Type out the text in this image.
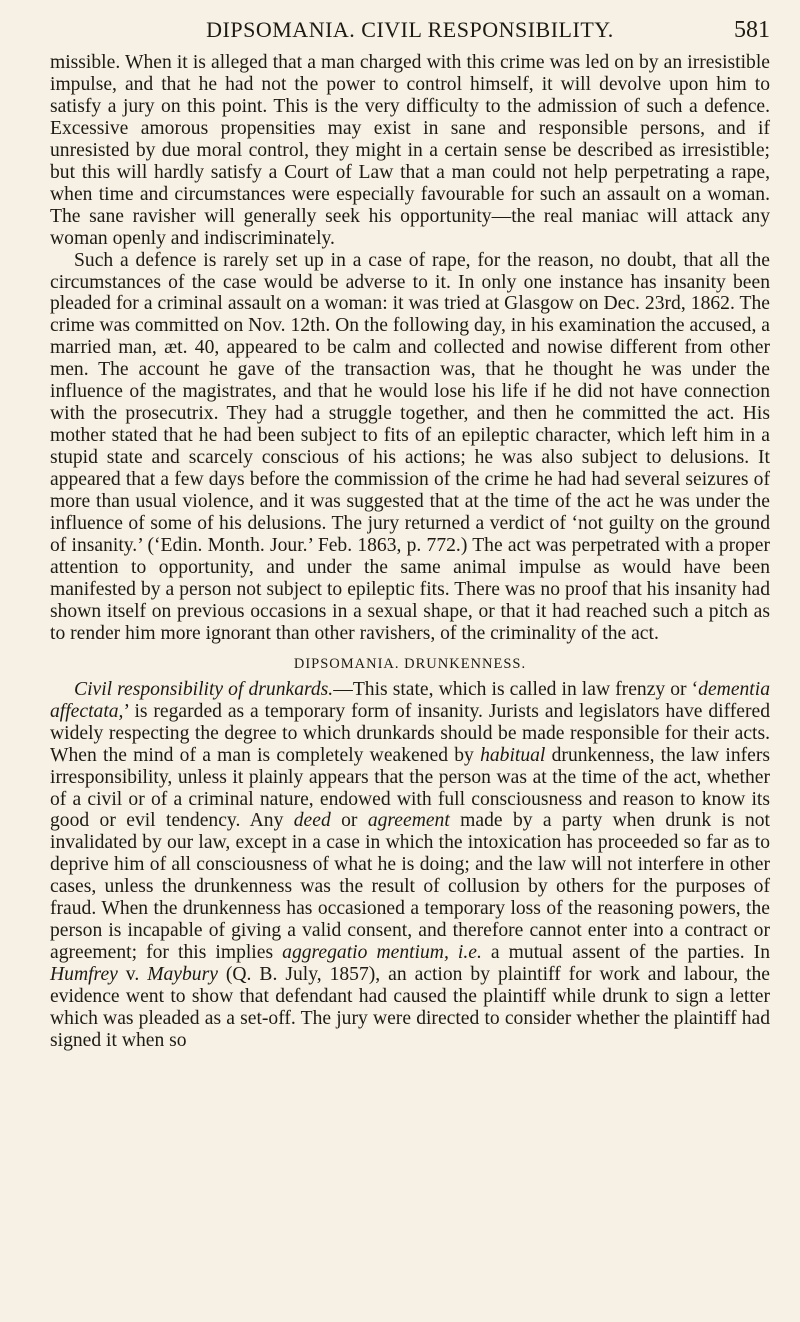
DIPSOMANIA. CIVIL RESPONSIBILITY.	581

missible. When it is alleged that a man charged with this crime was led on by an irresistible impulse, and that he had not the power to control himself, it will devolve upon him to satisfy a jury on this point. This is the very difficulty to the admission of such a defence. Excessive amorous propensities may exist in sane and responsible persons, and if unresisted by due moral control, they might in a certain sense be described as irresistible; but this will hardly satisfy a Court of Law that a man could not help perpetrating a rape, when time and circumstances were especially favourable for such an assault on a woman. The sane ravisher will generally seek his opportunity—the real maniac will attack any woman openly and indiscriminately.

Such a defence is rarely set up in a case of rape, for the reason, no doubt, that all the circumstances of the case would be adverse to it. In only one instance has insanity been pleaded for a criminal assault on a woman: it was tried at Glasgow on Dec. 23rd, 1862. The crime was committed on Nov. 12th. On the following day, in his examination the accused, a married man, æt. 40, appeared to be calm and collected and nowise different from other men. The account he gave of the transaction was, that he thought he was under the influence of the magistrates, and that he would lose his life if he did not have connection with the prosecutrix. They had a struggle together, and then he committed the act. His mother stated that he had been subject to fits of an epileptic character, which left him in a stupid state and scarcely conscious of his actions; he was also subject to delusions. It appeared that a few days before the commission of the crime he had had several seizures of more than usual violence, and it was suggested that at the time of the act he was under the influence of some of his delusions. The jury returned a verdict of ‘not guilty on the ground of insanity.’ (‘Edin. Month. Jour.’ Feb. 1863, p. 772.) The act was perpetrated with a proper attention to opportunity, and under the same animal impulse as would have been manifested by a person not subject to epileptic fits. There was no proof that his insanity had shown itself on previous occasions in a sexual shape, or that it had reached such a pitch as to render him more ignorant than other ravishers, of the criminality of the act.

DIPSOMANIA. DRUNKENNESS.

Civil responsibility of drunkards.—This state, which is called in law frenzy or ‘dementia affectata,’ is regarded as a temporary form of insanity. Jurists and legislators have differed widely respecting the degree to which drunkards should be made responsible for their acts. When the mind of a man is completely weakened by habitual drunkenness, the law infers irresponsibility, unless it plainly appears that the person was at the time of the act, whether of a civil or of a criminal nature, endowed with full consciousness and reason to know its good or evil tendency. Any deed or agreement made by a party when drunk is not invalidated by our law, except in a case in which the intoxication has proceeded so far as to deprive him of all consciousness of what he is doing; and the law will not interfere in other cases, unless the drunkenness was the result of collusion by others for the purposes of fraud. When the drunkenness has occasioned a temporary loss of the reasoning powers, the person is incapable of giving a valid consent, and therefore cannot enter into a contract or agreement; for this implies aggregatio mentium, i.e. a mutual assent of the parties. In Humfrey v. Maybury (Q. B. July, 1857), an action by plaintiff for work and labour, the evidence went to show that defendant had caused the plaintiff while drunk to sign a letter which was pleaded as a set-off. The jury were directed to consider whether the plaintiff had signed it when so
